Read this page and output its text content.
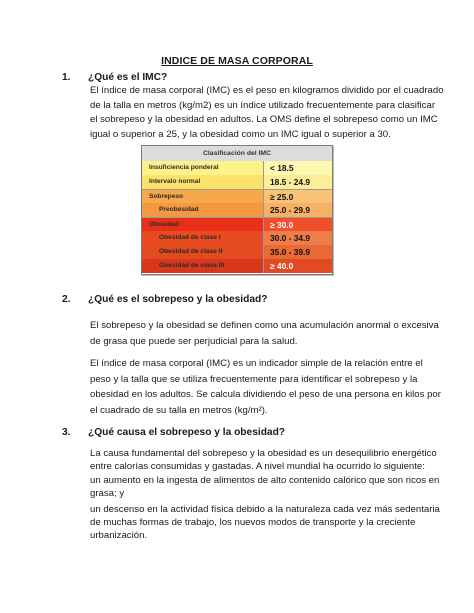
INDICE DE MASA CORPORAL
1. ¿Qué es el IMC?
El índice de masa corporal (IMC) es el peso en kilogramos dividido por el cuadrado
de la talla en metros (kg/m2) es un índice utilizado frecuentemente para clasificar
el sobrepeso y la obesidad en adultos. La OMS define el sobrepeso como un IMC
igual o superior a 25, y la obesidad como un IMC igual o superior a 30.
Clasificación del IMC
Insuficiencia ponderal	< 18.5
Intervalo normal	18.5 - 24.9
Sobrepeso	≥ 25.0
Preobesidad	25.0 - 29.9
Obesidad	≥ 30.0
Obesidad de clase I	30.0 - 34.9
Obesidad de clase II	35.0 - 39.9
Obesidad de clase III	≥ 40.0
2. ¿Qué es el sobrepeso y la obesidad?
El sobrepeso y la obesidad se definen como una acumulación anormal o excesiva
de grasa que puede ser perjudicial para la salud.
El índice de masa corporal (IMC) es un indicador simple de la relación entre el
peso y la talla que se utiliza frecuentemente para identificar el sobrepeso y la
obesidad en los adultos. Se calcula dividiendo el peso de una persona en kilos por
el cuadrado de su talla en metros (kg/m²).
3. ¿Qué causa el sobrepeso y la obesidad?
La causa fundamental del sobrepeso y la obesidad es un desequilibrio energético
entre calorías consumidas y gastadas. A nivel mundial ha ocurrido lo siguiente:
un aumento en la ingesta de alimentos de alto contenido calórico que son ricos en
grasa; y
un descenso en la actividad física debido a la naturaleza cada vez más sedentaria
de muchas formas de trabajo, los nuevos modos de transporte y la creciente
urbanización.
